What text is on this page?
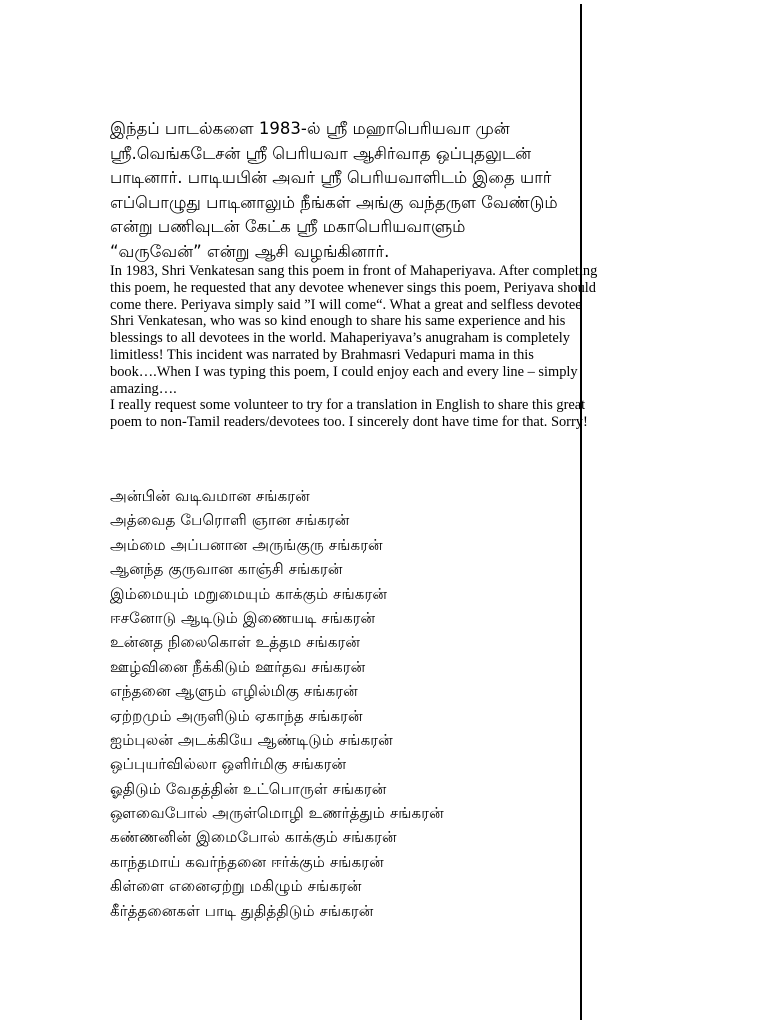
இந்தப் பாடல்களை 1983-ல் ஸ்ரீ மஹாபெரியவா முன்
ஸ்ரீ.வெங்கடேசன் ஸ்ரீ பெரியவா ஆசிர்வாத ஒப்புதலுடன்
பாடினார். பாடியபின் அவர் ஸ்ரீ பெரியவாளிடம் இதை யார்
எப்பொழுது பாடினாலும் நீங்கள் அங்கு வந்தருள வேண்டும்
என்று பணிவுடன் கேட்க ஸ்ரீ மகாபெரியவாளும்
“வருவேன்” என்று ஆசி வழங்கினார்.
In 1983, Shri Venkatesan sang this poem in front of Mahaperiyava. After completing
this poem, he requested that any devotee whenever sings this poem, Periyava should
come there. Periyava simply said ”I will come“. What a great and selfless devotee
Shri Venkatesan, who was so kind enough to share his same experience and his
blessings to all devotees in the world. Mahaperiyava’s anugraham is completely
limitless! This incident was narrated by Brahmasri Vedapuri mama in this
book….When I was typing this poem, I could enjoy each and every line – simply
amazing….
I really request some volunteer to try for a translation in English to share this great
poem to non-Tamil readers/devotees too. I sincerely dont have time for that. Sorry!
அன்பின் வடிவமான சங்கரன்
அத்வைத பேரொளி ஞான சங்கரன்
அம்மை அப்பனான அருங்குரு சங்கரன்
ஆனந்த குருவான காஞ்சி சங்கரன்
இம்மையும் மறுமையும் காக்கும் சங்கரன்
ஈசனோடு ஆடிடும் இணையடி சங்கரன்
உன்னத நிலைகொள் உத்தம சங்கரன்
ஊழ்வினை நீக்கிடும் ஊர்தவ சங்கரன்
எந்தனை ஆளும் எழில்மிகு சங்கரன்
ஏற்றமும் அருளிடும் ஏகாந்த சங்கரன்
ஐம்புலன் அடக்கியே ஆண்டிடும் சங்கரன்
ஒப்புயர்வில்லா ஒளிர்மிகு சங்கரன்
ஓதிடும் வேதத்தின் உட்பொருள் சங்கரன்
ஔவைபோல் அருள்மொழி உணர்த்தும் சங்கரன்
கண்ணனின் இமைபோல் காக்கும் சங்கரன்
காந்தமாய் கவர்ந்தனை ஈர்க்கும் சங்கரன்
கிள்ளை எனைஏற்று மகிழும் சங்கரன்
கீர்த்தனைகள் பாடி துதித்திடும் சங்கரன்
